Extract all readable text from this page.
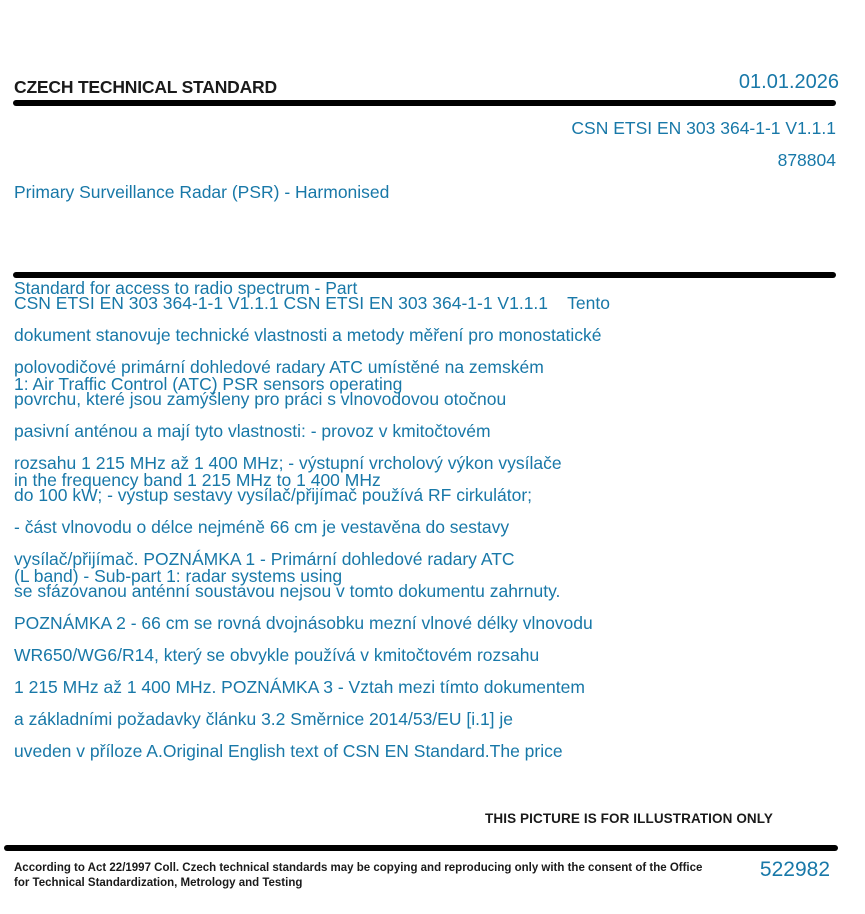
CZECH TECHNICAL STANDARD	01.01.2026

Primary Surveillance Radar (PSR) - Harmonised

Standard for access to radio spectrum - Part

1: Air Traffic Control (ATC) PSR sensors operating

in the frequency band 1 215 MHz to 1 400 MHz

(L band) - Sub-part 1: radar systems using

CSN ETSI EN 303 364-1-1 V1.1.1
878804
CSN ETSI EN 303 364-1-1 V1.1.1 CSN ETSI EN 303 364-1-1 V1.1.1    Tento
dokument stanovuje technické vlastnosti a metody měření pro monostatické
polovodičové primární dohledové radary ATC umístěné na zemském
povrchu, které jsou zamýšleny pro práci s vlnovodovou otočnou
pasivní anténou a mají tyto vlastnosti: - provoz v kmitočtovém
rozsahu 1 215 MHz až 1 400 MHz; - výstupní vrcholový výkon vysílače
do 100 kW; - výstup sestavy vysílač/přijímač používá RF cirkulátor;
- část vlnovodu o délce nejméně 66 cm je vestavěna do sestavy
vysílač/přijímač. POZNÁMKA 1 - Primární dohledové radary ATC
se sfázovanou anténní soustavou nejsou v tomto dokumentu zahrnuty.
POZNÁMKA 2 - 66 cm se rovná dvojnásobku mezní vlnové délky vlnovodu
WR650/WG6/R14, který se obvykle používá v kmitočtovém rozsahu
1 215 MHz až 1 400 MHz. POZNÁMKA 3 - Vztah mezi tímto dokumentem
a základními požadavky článku 3.2 Směrnice 2014/53/EU [i.1] je
uveden v příloze A.Original English text of CSN EN Standard.The price
THIS PICTURE IS FOR ILLUSTRATION ONLY
According to Act 22/1997 Coll. Czech technical standards may be copying and reproducing only with the consent of the Office
for Technical Standardization, Metrology and Testing
522982
